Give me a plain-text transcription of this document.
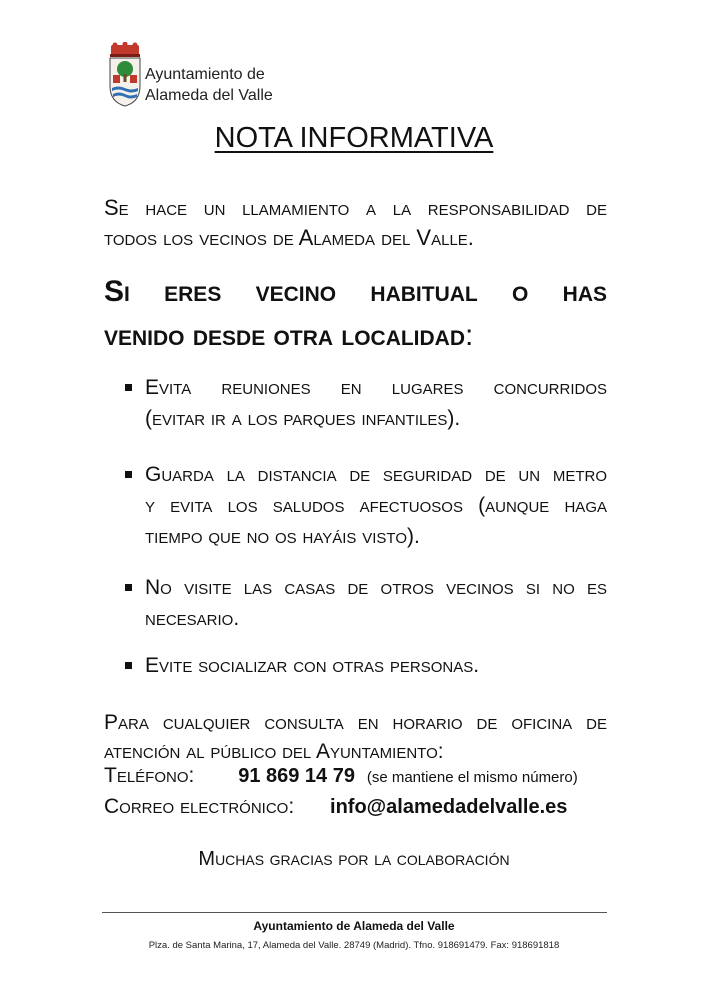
Ayuntamiento de
Alameda del Valle
NOTA INFORMATIVA
Se hace un llamamiento a la responsabilidad de
todos los vecinos de Alameda del Valle.
Si eres vecino habitual o has
venido desde otra localidad:
Evita reuniones en lugares concurridos
(evitar ir a los parques infantiles).
Guarda la distancia de seguridad de un metro
y evita los saludos afectuosos (aunque haga
tiempo que no os hayáis visto).
No visite las casas de otros vecinos si no es
necesario.
Evite socializar con otras personas.
Para cualquier consulta en horario de oficina de
atención al público del Ayuntamiento:
Teléfono: 91 869 14 79 (se mantiene el mismo número)
Correo electrónico: info@alamedadelvalle.es
Muchas gracias por la colaboración
Ayuntamiento de Alameda del Valle
Plza. de Santa Marina, 17, Alameda del Valle. 28749 (Madrid). Tfno. 918691479. Fax: 918691818
